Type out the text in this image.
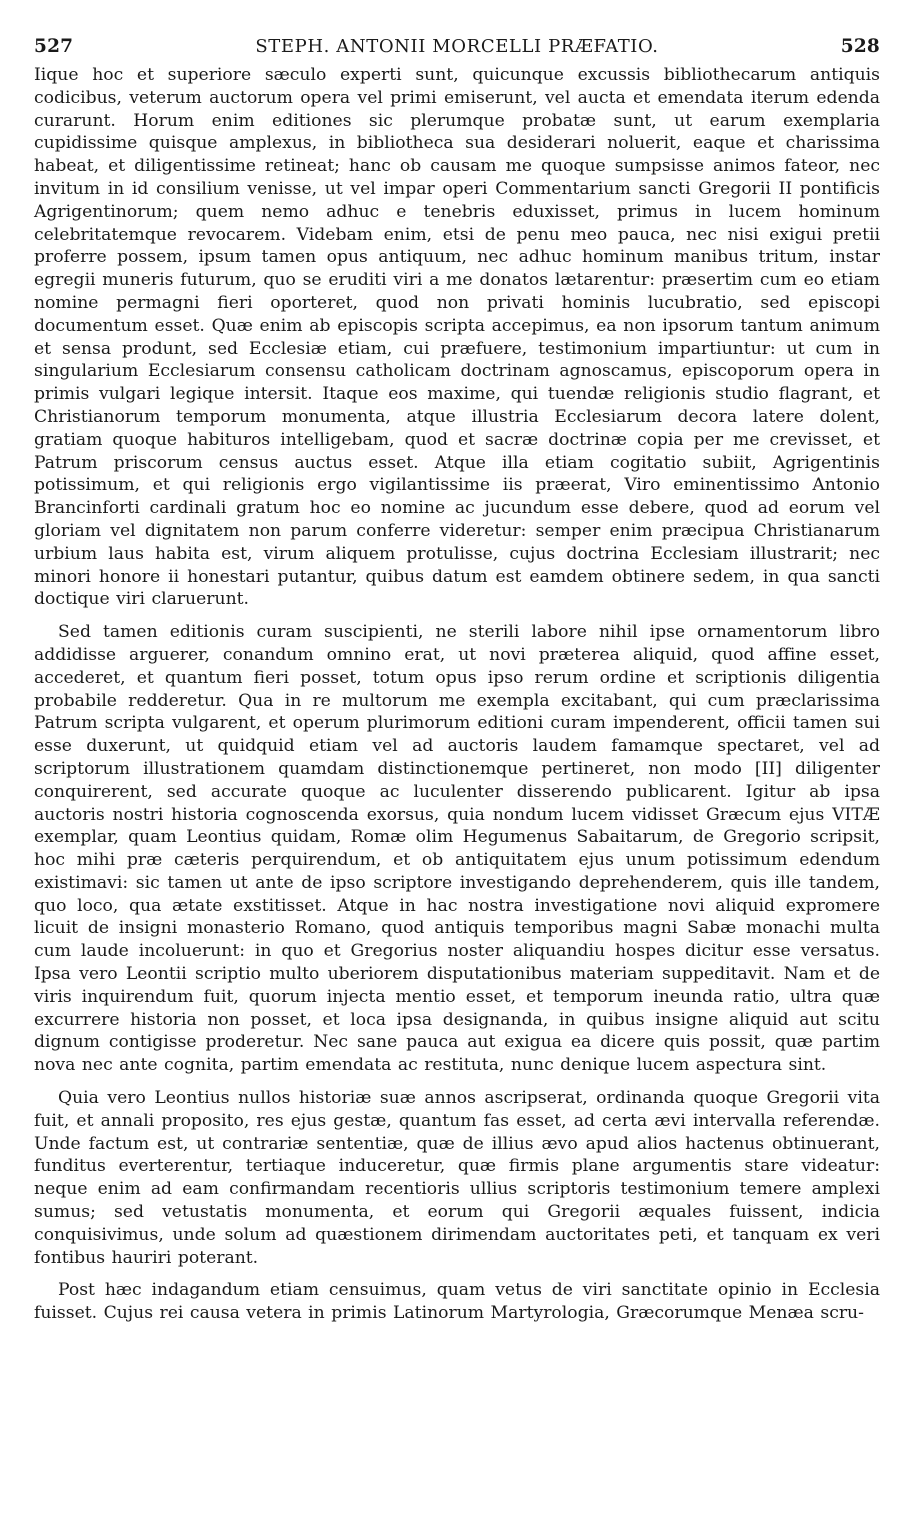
527	STEPH. ANTONII MORCELLI PRÆFATIO.	528

Iique hoc et superiore sæculo experti sunt, quicunque excussis bibliothecarum antiquis codicibus, veterum auctorum opera vel primi emiserunt, vel aucta et emendata iterum edenda curarunt. Horum enim editiones sic plerumque probatæ sunt, ut earum exemplaria cupidissime quisque amplexus, in bibliotheca sua desiderari noluerit, eaque et charissima habeat, et diligentissime retineat; hanc ob causam me quoque sumpsisse animos fateor, nec invitum in id consilium venisse, ut vel impar operi Commentarium sancti Gregorii II pontificis Agrigentinorum; quem nemo adhuc e tenebris eduxisset, primus in lucem hominum celebritatemque revocarem. Videbam enim, etsi de penu meo pauca, nec nisi exigui pretii proferre possem, ipsum tamen opus antiquum, nec adhuc hominum manibus tritum, instar egregii muneris futurum, quo se eruditi viri a me donatos lætarentur: præsertim cum eo etiam nomine permagni fieri oporteret, quod non privati hominis lucubratio, sed episcopi documentum esset. Quæ enim ab episcopis scripta accepimus, ea non ipsorum tantum animum et sensa produnt, sed Ecclesiæ etiam, cui præfuere, testimonium impartiuntur: ut cum in singularium Ecclesiarum consensu catholicam doctrinam agnoscamus, episcoporum opera in primis vulgari legique intersit. Itaque eos maxime, qui tuendæ religionis studio flagrant, et Christianorum temporum monumenta, atque illustria Ecclesiarum decora latere dolent, gratiam quoque habituros intelligebam, quod et sacræ doctrinæ copia per me crevisset, et Patrum priscorum census auctus esset. Atque illa etiam cogitatio subiit, Agrigentinis potissimum, et qui religionis ergo vigilantissime iis præerat, Viro eminentissimo Antonio Brancinforti cardinali gratum hoc eo nomine ac jucundum esse debere, quod ad eorum vel gloriam vel dignitatem non parum conferre videretur: semper enim præcipua Christianarum urbium laus habita est, virum aliquem protulisse, cujus doctrina Ecclesiam illustrarit; nec minori honore ii honestari putantur, quibus datum est eamdem obtinere sedem, in qua sancti doctique viri claruerunt.

Sed tamen editionis curam suscipienti, ne sterili labore nihil ipse ornamentorum libro addidisse arguerer, conandum omnino erat, ut novi præterea aliquid, quod affine esset, accederet, et quantum fieri posset, totum opus ipso rerum ordine et scriptionis diligentia probabile redderetur. Qua in re multorum me exempla excitabant, qui cum præclarissima Patrum scripta vulgarent, et operum plurimorum editioni curam impenderent, officii tamen sui esse duxerunt, ut quidquid etiam vel ad auctoris laudem famamque spectaret, vel ad scriptorum illustrationem quamdam distinctionemque pertineret, non modo [II] diligenter conquirerent, sed accurate quoque ac luculenter disserendo publicarent. Igitur ab ipsa auctoris nostri historia cognoscenda exorsus, quia nondum lucem vidisset Græcum ejus VITÆ exemplar, quam Leontius quidam, Romæ olim Hegumenus Sabaitarum, de Gregorio scripsit, hoc mihi præ cæteris perquirendum, et ob antiquitatem ejus unum potissimum edendum existimavi: sic tamen ut ante de ipso scriptore investigando deprehenderem, quis ille tandem, quo loco, qua ætate exstitisset. Atque in hac nostra investigatione novi aliquid expromere licuit de insigni monasterio Romano, quod antiquis temporibus magni Sabæ monachi multa cum laude incoluerunt: in quo et Gregorius noster aliquandiu hospes dicitur esse versatus. Ipsa vero Leontii scriptio multo uberiorem disputationibus materiam suppeditavit. Nam et de viris inquirendum fuit, quorum injecta mentio esset, et temporum ineunda ratio, ultra quæ excurrere historia non posset, et loca ipsa designanda, in quibus insigne aliquid aut scitu dignum contigisse proderetur. Nec sane pauca aut exigua ea dicere quis possit, quæ partim nova nec ante cognita, partim emendata ac restituta, nunc denique lucem aspectura sint.

Quia vero Leontius nullos historiæ suæ annos ascripserat, ordinanda quoque Gregorii vita fuit, et annali proposito, res ejus gestæ, quantum fas esset, ad certa ævi intervalla referendæ. Unde factum est, ut contrariæ sententiæ, quæ de illius ævo apud alios hactenus obtinuerant, funditus everterentur, tertiaque induceretur, quæ firmis plane argumentis stare videatur: neque enim ad eam confirmandam recentioris ullius scriptoris testimonium temere amplexi sumus; sed vetustatis monumenta, et eorum qui Gregorii æquales fuissent, indicia conquisivimus, unde solum ad quæstionem dirimendam auctoritates peti, et tanquam ex veri fontibus hauriri poterant.

Post hæc indagandum etiam censuimus, quam vetus de viri sanctitate opinio in Ecclesia fuisset. Cujus rei causa vetera in primis Latinorum Martyrologia, Græcorumque Menæa scru-
